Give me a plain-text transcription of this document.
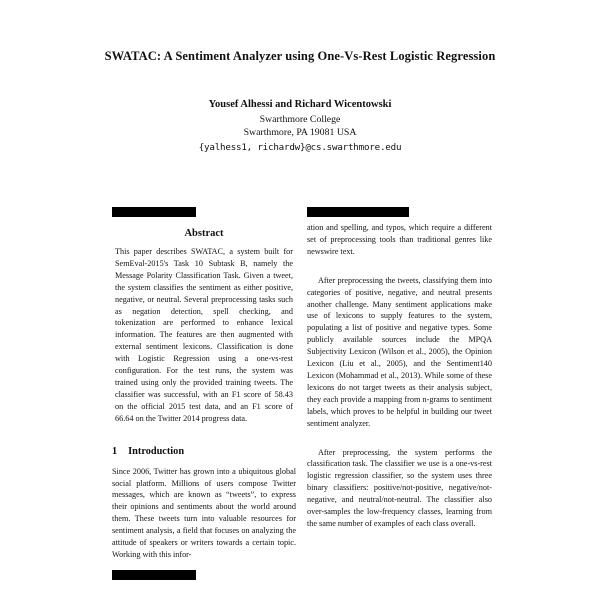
SWATAC: A Sentiment Analyzer using One-Vs-Rest Logistic Regression
Yousef Alhessi and Richard Wicentowski
Swarthmore College
Swarthmore, PA 19081 USA
{yalhess1, richardw}@cs.swarthmore.edu
Abstract

This paper describes SWATAC, a system built for SemEval-2015's Task 10 Subtask B, namely the Message Polarity Classification Task. Given a tweet, the system classifies the sentiment as either positive, negative, or neutral. Several preprocessing tasks such as negation detection, spell checking, and tokenization are performed to enhance lexical information. The features are then augmented with external sentiment lexicons. Classification is done with Logistic Regression using a one-vs-rest configuration. For the test runs, the system was trained using only the provided training tweets. The classifier was successful, with an F1 score of 58.43 on the official 2015 test data, and an F1 score of 66.64 on the Twitter 2014 progress data.

1 Introduction

Since 2006, Twitter has grown into a ubiquitous global social platform. Millions of users compose Twitter messages, which are known as “tweets”, to express their opinions and sentiments about the world around them. These tweets turn into valuable resources for sentiment analysis, a field that focuses on analyzing the attitude of speakers or writers towards a certain topic. Working with this infor-

ation and spelling, and typos, which require a different set of preprocessing tools than traditional genres like newswire text.

After preprocessing the tweets, classifying them into categories of positive, negative, and neutral presents another challenge. Many sentiment applications make use of lexicons to supply features to the system, populating a list of positive and negative types. Some publicly available sources include the MPQA Subjectivity Lexicon (Wilson et al., 2005), the Opinion Lexicon (Liu et al., 2005), and the Sentiment140 Lexicon (Mohammad et al., 2013). While some of these lexicons do not target tweets as their analysis subject, they each provide a mapping from n-grams to sentiment labels, which proves to be helpful in building our tweet sentiment analyzer.

After preprocessing, the system performs the classification task. The classifier we use is a one-vs-rest logistic regression classifier, so the system uses three binary classifiers: positive/not-positive, negative/not-negative, and neutral/not-neutral. The classifier also over-samples the low-frequency classes, learning from the same number of examples of each class overall.
